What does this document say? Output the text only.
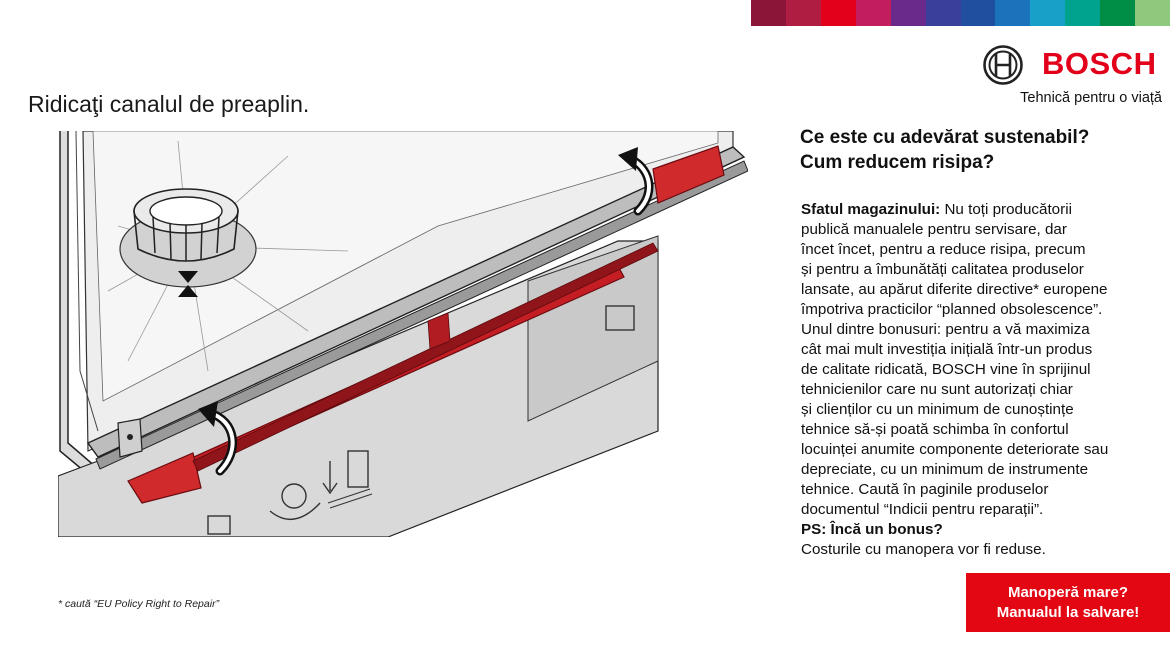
BOSCH
Tehnică pentru o viață
Ridicaţi canalul de preaplin.
* caută “EU Policy Right to Repair”
Ce este cu adevărat sustenabil?
Cum reducem risipa?

Sfatul magazinului: Nu toți producătorii

publică manualele pentru servisare, dar

încet încet, pentru a reduce risipa, precum

și pentru a îmbunătăți calitatea produselor

lansate, au apărut diferite directive* europene

împotriva practicilor “planned obsolescence”.

Unul dintre bonusuri: pentru a vă maximiza

cât mai mult investiția inițială într-un produs

de calitate ridicată, BOSCH vine în sprijinul

tehnicienilor care nu sunt autorizați chiar

și clienților cu un minimum de cunoștințe

tehnice să-și poată schimba în confortul

locuinței anumite componente deteriorate sau

depreciate, cu un minimum de instrumente

tehnice. Caută în paginile produselor

documentul “Indicii pentru reparații”.

PS: Încă un bonus?

Costurile cu manopera vor fi reduse.

Manoperă mare?
Manualul la salvare!
